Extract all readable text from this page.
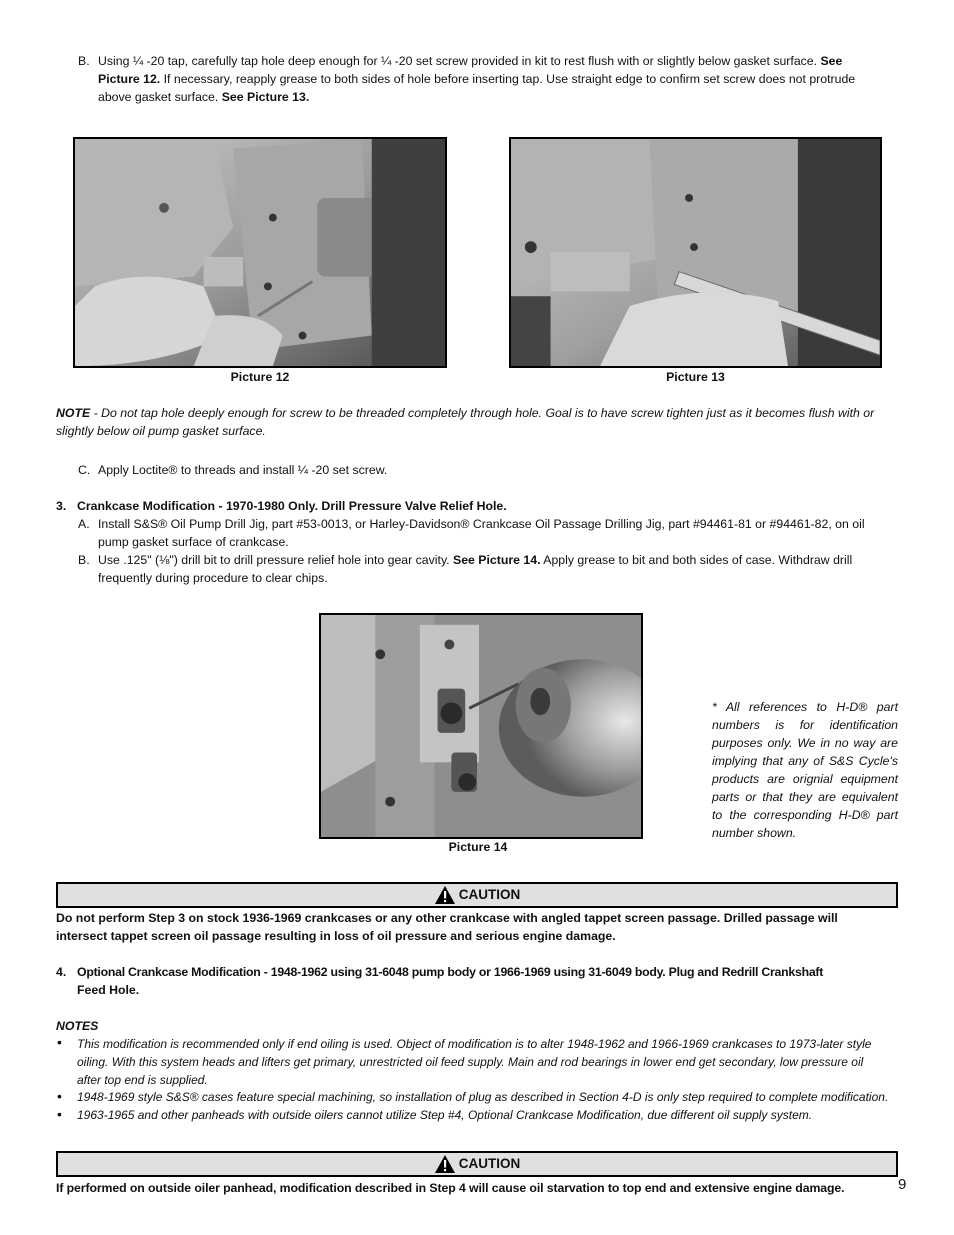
B. Using ¼ -20 tap, carefully tap hole deep enough for ¼ -20 set screw provided in kit to rest flush with or slightly below gasket surface. See
Picture 12. If necessary, reapply grease to both sides of hole before inserting tap. Use straight edge to confirm set screw does not protrude
above gasket surface. See Picture 13.
Picture 12	Picture 13
NOTE - Do not tap hole deeply enough for screw to be threaded completely through hole. Goal is to have screw tighten just as it becomes flush with or
slightly below oil pump gasket surface.
C. Apply Loctite® to threads and install ¼ -20 set screw.
3. Crankcase Modification - 1970-1980 Only. Drill Pressure Valve Relief Hole.
A. Install S&S® Oil Pump Drill Jig, part #53-0013, or Harley-Davidson® Crankcase Oil Passage Drilling Jig, part #94461-81 or #94461-82, on oil
pump gasket surface of crankcase.
B. Use .125" (⅛") drill bit to drill pressure relief hole into gear cavity. See Picture 14. Apply grease to bit and both sides of case. Withdraw drill
frequently during procedure to clear chips.
Picture 14
* All references to H-D® part
numbers is for identification
purposes only. We in no way are
implying that any of S&S Cycle's
products are orignial equipment
parts or that they are equivalent
to the corresponding H-D® part
number shown.
CAUTION
Do not perform Step 3 on stock 1936-1969 crankcases or any other crankcase with angled tappet screen passage. Drilled passage will
intersect tappet screen oil passage resulting in loss of oil pressure and serious engine damage.
4. Optional Crankcase Modification - 1948-1962 using 31-6048 pump body or 1966-1969 using 31-6049 body. Plug and Redrill Crankshaft
Feed Hole.
NOTES
• This modification is recommended only if end oiling is used. Object of modification is to alter 1948-1962 and 1966-1969 crankcases to 1973-later style
oiling. With this system heads and lifters get primary, unrestricted oil feed supply. Main and rod bearings in lower end get secondary, low pressure oil
after top end is supplied.
• 1948-1969 style S&S® cases feature special machining, so installation of plug as described in Section 4-D is only step required to complete modification.
• 1963-1965 and other panheads with outside oilers cannot utilize Step #4, Optional Crankcase Modification, due different oil supply system.
CAUTION
If performed on outside oiler panhead, modification described in Step 4 will cause oil starvation to top end and extensive engine damage.	9
